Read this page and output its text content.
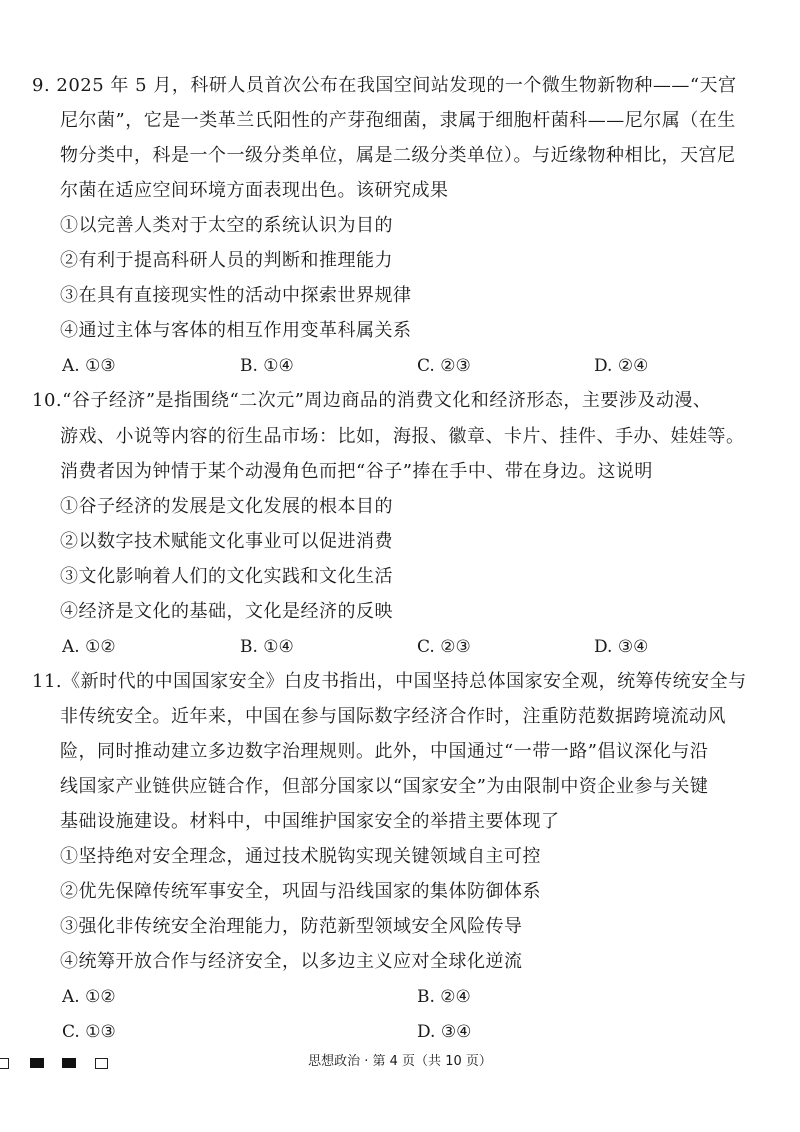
9. 2025 年 5 月，科研人员首次公布在我国空间站发现的一个微生物新物种——“天宫
尼尔菌”，它是一类革兰氏阳性的产芽孢细菌，隶属于细胞杆菌科——尼尔属（在生
物分类中，科是一个一级分类单位，属是二级分类单位）。与近缘物种相比，天宫尼
尔菌在适应空间环境方面表现出色。该研究成果
①以完善人类对于太空的系统认识为目的
②有利于提高科研人员的判断和推理能力
③在具有直接现实性的活动中探索世界规律
④通过主体与客体的相互作用变革科属关系
A. ①③	B. ①④	C. ②③	D. ②④
10.“谷子经济”是指围绕“二次元”周边商品的消费文化和经济形态，主要涉及动漫、
游戏、小说等内容的衍生品市场：比如，海报、徽章、卡片、挂件、手办、娃娃等。
消费者因为钟情于某个动漫角色而把“谷子”捧在手中、带在身边。这说明
①谷子经济的发展是文化发展的根本目的
②以数字技术赋能文化事业可以促进消费
③文化影响着人们的文化实践和文化生活
④经济是文化的基础，文化是经济的反映
A. ①②	B. ①④	C. ②③	D. ③④
11.《新时代的中国国家安全》白皮书指出，中国坚持总体国家安全观，统筹传统安全与
非传统安全。近年来，中国在参与国际数字经济合作时，注重防范数据跨境流动风
险，同时推动建立多边数字治理规则。此外，中国通过“一带一路”倡议深化与沿
线国家产业链供应链合作，但部分国家以“国家安全”为由限制中资企业参与关键
基础设施建设。材料中，中国维护国家安全的举措主要体现了
①坚持绝对安全理念，通过技术脱钩实现关键领域自主可控
②优先保障传统军事安全，巩固与沿线国家的集体防御体系
③强化非传统安全治理能力，防范新型领域安全风险传导
④统筹开放合作与经济安全，以多边主义应对全球化逆流
A. ①②	B. ②④
C. ①③	D. ③④
思想政治 · 第 4 页（共 10 页）
